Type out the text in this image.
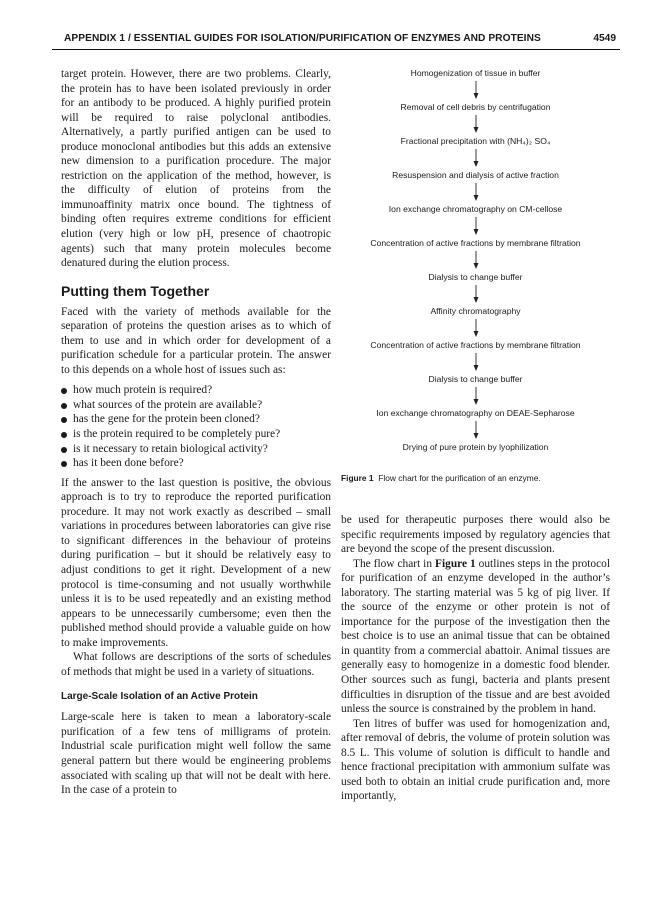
APPENDIX 1 / ESSENTIAL GUIDES FOR ISOLATION/PURIFICATION OF ENZYMES AND PROTEINS	4549

target protein. However, there are two problems. Clearly, the protein has to have been isolated previously in order for an antibody to be produced. A highly purified protein will be required to raise polyclonal antibodies. Alternatively, a partly purified antigen can be used to produce monoclonal antibodies but this adds an extensive new dimension to a purification procedure. The major restriction on the application of the method, however, is the difficulty of elution of proteins from the immunoaffinity matrix once bound. The tightness of binding often requires extreme conditions for efficient elution (very high or low pH, presence of chaotropic agents) such that many protein molecules become denatured during the elution process.

Putting them Together

Faced with the variety of methods available for the separation of proteins the question arises as to which of them to use and in which order for development of a purification schedule for a particular protein. The answer to this depends on a whole host of issues such as:

how much protein is required?
what sources of the protein are available?
has the gene for the protein been cloned?
is the protein required to be completely pure?
is it necessary to retain biological activity?
has it been done before?

If the answer to the last question is positive, the obvious approach is to try to reproduce the reported purification procedure. It may not work exactly as described – small variations in procedures between laboratories can give rise to significant differences in the behaviour of proteins during purification – but it should be relatively easy to adjust conditions to get it right. Development of a new protocol is time-consuming and not usually worthwhile unless it is to be used repeatedly and an existing method appears to be unnecessarily cumbersome; even then the published method should provide a valuable guide on how to make improvements.

What follows are descriptions of the sorts of schedules of methods that might be used in a variety of situations.

Large-Scale Isolation of an Active Protein

Large-scale here is taken to mean a laboratory-scale purification of a few tens of milligrams of protein. Industrial scale purification might well follow the same general pattern but there would be engineering problems associated with scaling up that will not be dealt with here. In the case of a protein to

Homogenization of tissue in buffer
Removal of cell debris by centrifugation
Fractional precipitation with (NH₄)₂ SO₄
Resuspension and dialysis of active fraction
Ion exchange chromatography on CM-cellose
Concentration of active fractions by membrane filtration
Dialysis to change buffer
Affinity chromatography
Concentration of active fractions by membrane filtration
Dialysis to change buffer
Ion exchange chromatography on DEAE-Sepharose
Drying of pure protein by lyophilization
Figure 1 Flow chart for the purification of an enzyme.

be used for therapeutic purposes there would also be specific requirements imposed by regulatory agencies that are beyond the scope of the present discussion.

The flow chart in Figure 1 outlines steps in the protocol for purification of an enzyme developed in the author’s laboratory. The starting material was 5 kg of pig liver. If the source of the enzyme or other protein is not of importance for the purpose of the investigation then the best choice is to use an animal tissue that can be obtained in quantity from a commercial abattoir. Animal tissues are generally easy to homogenize in a domestic food blender. Other sources such as fungi, bacteria and plants present difficulties in disruption of the tissue and are best avoided unless the source is constrained by the problem in hand.

Ten litres of buffer was used for homogenization and, after removal of debris, the volume of protein solution was 8.5 L. This volume of solution is difficult to handle and hence fractional precipitation with ammonium sulfate was used both to obtain an initial crude purification and, more importantly,
